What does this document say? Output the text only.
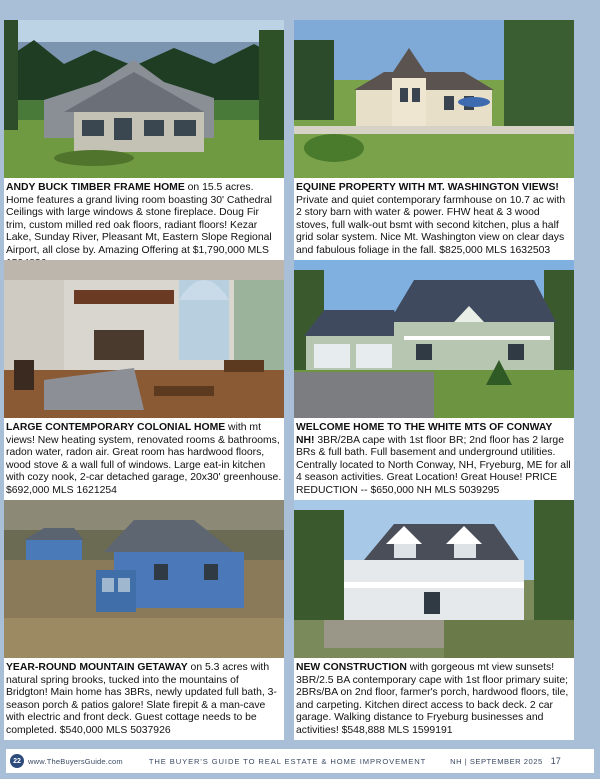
ANDY BUCK TIMBER FRAME HOME on 15.5 acres. Home features a grand living room boasting 30' Cathedral Ceilings with large windows & stone fireplace. Doug Fir trim, custom milled red oak floors, radiant floors! Kezar Lake, Sunday River, Pleasant Mt, Eastern Slope Regional Airport, all close by. Amazing Offering at $1,790,000 MLS
EQUINE PROPERTY WITH MT. WASHINGTON VIEWS! Private and quiet contemporary farmhouse on 10.7 ac with 2 story barn with water & power. FHW heat & 3 wood stoves, full walk-out bsmt with second kitchen, plus a half grid solar system. Nice Mt. Washington view on clear days and fabulous foliage in the fall. $825,000 MLS 1632503
LARGE CONTEMPORARY COLONIAL HOME with mt views! New heating system, renovated rooms & bathrooms, radon water, radon air. Great room has hardwood floors, wood stove & a wall full of windows. Large eat-in kitchen with cozy nook, 2-car detached garage, 20x30' greenhouse. $692,000 MLS 1621254
WELCOME HOME TO THE WHITE MTS OF CONWAY NH! 3BR/2BA cape with 1st floor BR; 2nd floor has 2 large BRs & full bath. Full basement and underground utilities. Centrally located to North Conway, NH, Fryeburg, ME for all 4 season activities. Great Location! Great House! PRICE REDUCTION -- $650,000 NH MLS 5039295
YEAR-ROUND MOUNTAIN GETAWAY on 5.3 acres with natural spring brooks, tucked into the mountains of Bridgton! Main home has 3BRs, newly updated full bath, 3-season porch & patios galore! Slate firepit & a man-cave with electric and front deck. Guest cottage needs to be completed. $540,000 MLS 5037926
NEW CONSTRUCTION with gorgeous mt view sunsets! 3BR/2.5 BA contemporary cape with 1st floor primary suite; 2BRs/BA on 2nd floor, farmer's porch, hardwood floors, tile, and carpeting. Kitchen direct access to back deck. 2 car garage. Walking distance to Fryeburg businesses and activities! $548,888 MLS 1599191
22 www.TheBuyersGuide.com	THE BUYER'S GUIDE TO REAL ESTATE & HOME IMPROVEMENT	NH | SEPTEMBER 2025 17
